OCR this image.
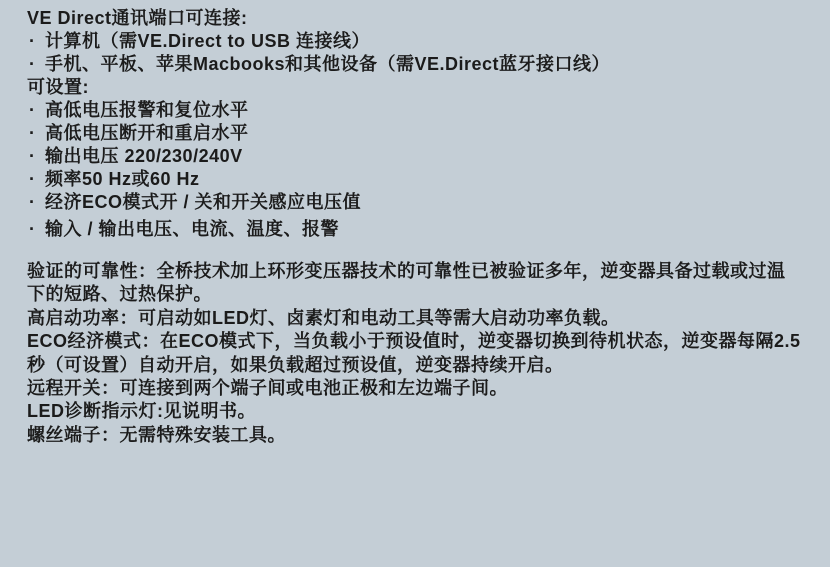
VE Direct通讯端口可连接:
· 计算机（需VE.Direct to USB 连接线）
· 手机、平板、苹果Macbooks和其他设备（需VE.Direct蓝牙接口线）
可设置:
· 高低电压报警和复位水平
· 高低电压断开和重启水平
· 输出电压 220/230/240V
· 频率50 Hz或60 Hz
· 经济ECO模式开 / 关和开关感应电压值
· 输入 / 输出电压、电流、温度、报警
验证的可靠性：全桥技术加上环形变压器技术的可靠性已被验证多年，逆变器具备过载或过温下的短路、过热保护。
高启动功率：可启动如LED灯、卤素灯和电动工具等需大启动功率负载。
ECO经济模式：在ECO模式下，当负载小于预设值时，逆变器切换到待机状态，逆变器每隔2.5秒（可设置）自动开启，如果负载超过预设值，逆变器持续开启。
远程开关：可连接到两个端子间或电池正极和左边端子间。
LED诊断指示灯:见说明书。
螺丝端子：无需特殊安装工具。
